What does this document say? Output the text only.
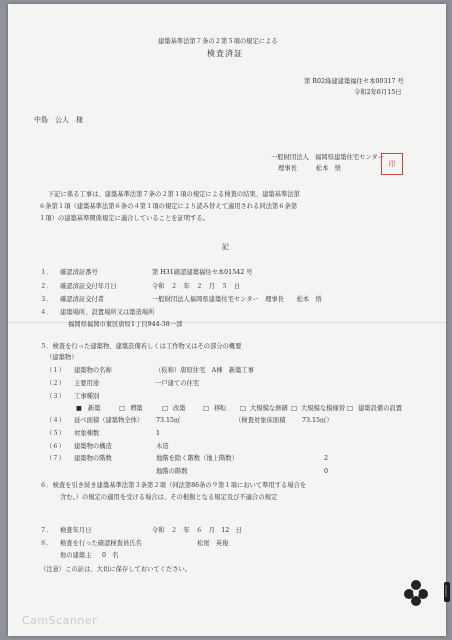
建築基準法第７条の２第５項の規定による
検査済証
第 R02綠建建築福住セ本00317 号
令和2年6月15日
中島　公人　様
一般財団法人　福岡県建築住宅センター
理事長　　　松本　悟
印
下記に係る工事は、建築基準法第７条の２第１項の規定による検査の結果、建築基準法第
６条第１項（建築基準法第６条の４第１項の規定により読み替えて適用される同法第６条第
１項）の建築基準関係規定に適合していることを証明する。
記
１． 確認済証番号	第 H31確認建築福住セ本01542 号
２． 確認済証交付年月日	令和　２　年　２　月　５　日
３． 確認済証交付者	一般財団法人福岡県建築住宅センター　理事長　　松本　悟
４． 建築場所、設置場所又は築造場所
福岡県福岡市東区唐原1丁目944-38一部
５．検査を行った建築物、建築設備若しくは工作物又はその部分の概要
（建築物）
（１） 建築物の名称	（仮称）唐原住宅　A棟　新築工事
（２） 主要用途	一戸建ての住宅
（３） 工事種別
■ 新築	□ 増築	□ 改築	□ 移転 □ 大規模な修繕 □ 大規模な模様替 □ 建築設備の設置
（４） 延べ面積（建築物全体） 73.15㎡	（検査対象床面積	73.15㎡）
（５） 対象棟数	1
（６） 建築物の構造	木造
（７） 建築物の階数	地階を除く階数（地上階数）	2
地階の階数	0
６．検査を引き続き建築基準法第３条第２項（同法第86条の９第１項において準用する場合を
含む。）の規定の適用を受ける場合は、その根拠となる規定及び不適合の規定
７． 検査年月日	令和　２　年　６　月　12　日
８． 検査を行った確認検査員氏名	松尾　英俊
他の建築主 0　名
（注意）この証は、大切に保存しておいてください。
CamScanner
